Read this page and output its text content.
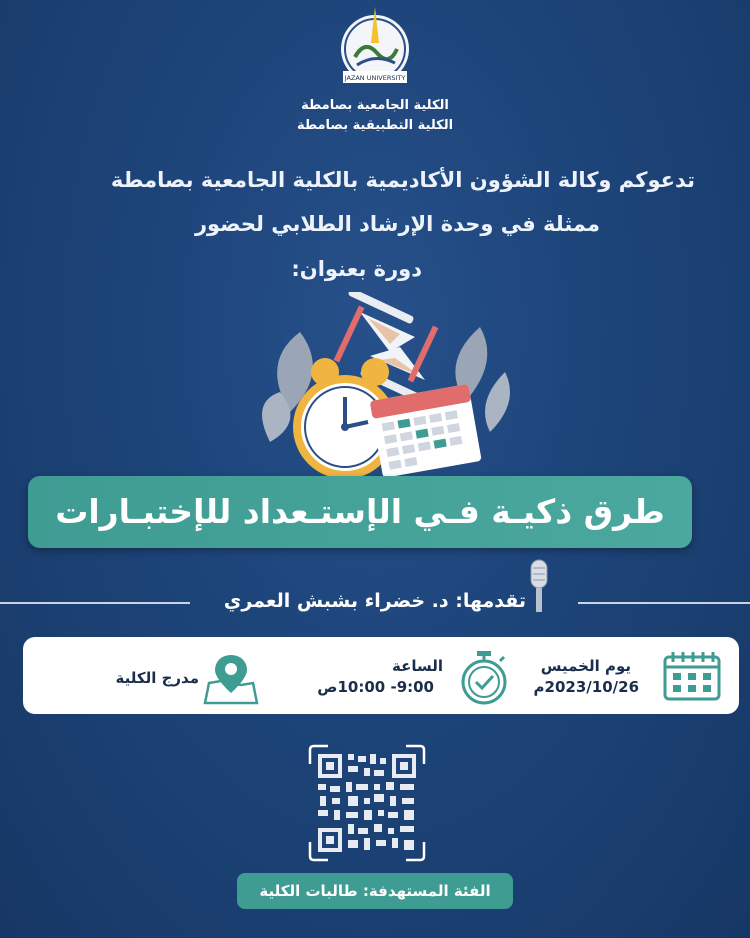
JAZAN UNIVERSITY
الكلية الجامعية بصامطة
الكلية التطبيقية بصامطة
تدعوكم وكالة الشؤون الأكاديمية بالكلية الجامعية بصامطة
ممثلة في وحدة الإرشاد الطلابي لحضور
دورة بعنوان:
طرق ذكيـة فـي الإستـعداد للإختبـارات
تقدمها: د. خضراء بشبش العمري
يوم الخميس
2023/10/26م
الساعة
9:00- 10:00ص
مدرج الكلية
الفئة المستهدفة: طالبات الكلية
